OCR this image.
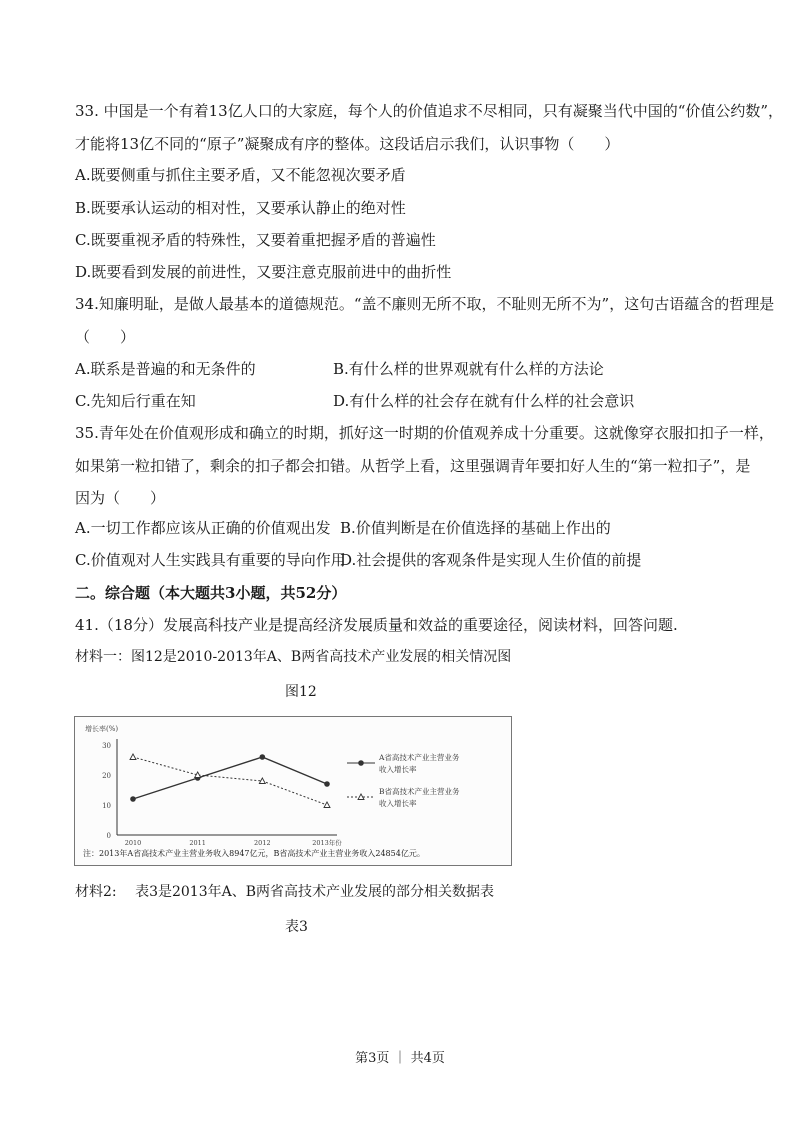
33. 中国是一个有着13亿人口的大家庭，每个人的价值追求不尽相同，只有凝聚当代中国的“价值公约数”，
才能将13亿不同的“原子”凝聚成有序的整体。这段话启示我们，认识事物（　　）
A.既要侧重与抓住主要矛盾，又不能忽视次要矛盾
B.既要承认运动的相对性，又要承认静止的绝对性
C.既要重视矛盾的特殊性，又要着重把握矛盾的普遍性
D.既要看到发展的前进性，又要注意克服前进中的曲折性
34.知廉明耻，是做人最基本的道德规范。“盖不廉则无所不取，不耻则无所不为”，这句古语蕴含的哲理是
（　　）
A.联系是普遍的和无条件的	B.有什么样的世界观就有什么样的方法论
C.先知后行重在知	D.有什么样的社会存在就有什么样的社会意识
35.青年处在价值观形成和确立的时期，抓好这一时期的价值观养成十分重要。这就像穿衣服扣扣子一样，
如果第一粒扣错了，剩余的扣子都会扣错。从哲学上看，这里强调青年要扣好人生的“第一粒扣子”，是
因为（　　）
A.一切工作都应该从正确的价值观出发 B.价值判断是在价值选择的基础上作出的
C.价值观对人生实践具有重要的导向作用
D.社会提供的客观条件是实现人生价值的前提
二。综合题（本大题共3小题，共52分）
41.（18分）发展高科技产业是提高经济发展质量和效益的重要途径，阅读材料，回答问题.
材料一：图12是2010-2013年A、B两省高技术产业发展的相关情况图
图12
增长率(%)
0
10
20
30
2010	2011	2012	2013年份
A省高技术产业主营业务
收入增长率
B省高技术产业主营业务
收入增长率
注：2013年A省高技术产业主营业务收入8947亿元，B省高技术产业主营业务收入24854亿元。
材料2:　 表3是2013年A、B两省高技术产业发展的部分相关数据表
表3
第3页 ｜ 共4页
